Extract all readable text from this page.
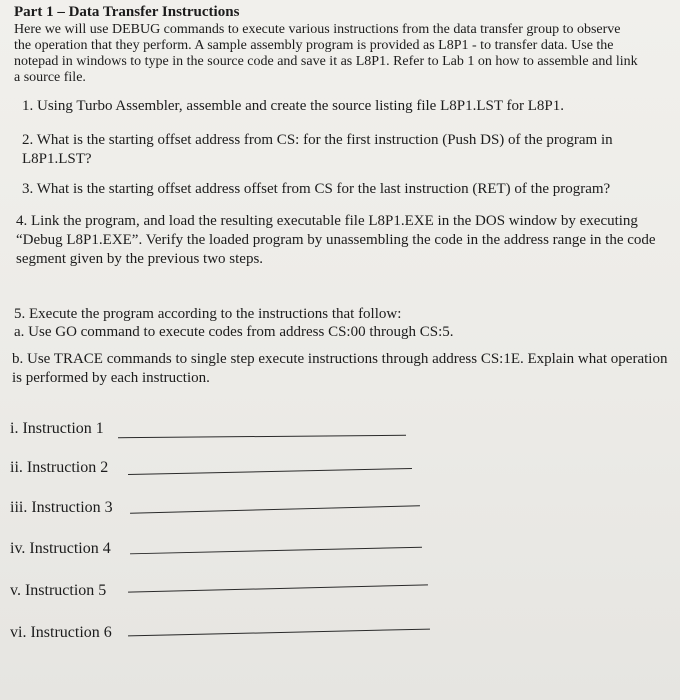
Part 1 – Data Transfer Instructions
Here we will use DEBUG commands to execute various instructions from the data transfer group to observe the operation that they perform. A sample assembly program is provided as L8P1 - to transfer data. Use the notepad in windows to type in the source code and save it as L8P1. Refer to Lab 1 on how to assemble and link a source file.
1. Using Turbo Assembler, assemble and create the source listing file L8P1.LST for L8P1.
2. What is the starting offset address from CS: for the first instruction (Push DS) of the program in L8P1.LST?
3. What is the starting offset address offset from CS for the last instruction (RET) of the program?
4. Link the program, and load the resulting executable file L8P1.EXE in the DOS window by executing “Debug L8P1.EXE”. Verify the loaded program by unassembling the code in the address range in the code segment given by the previous two steps.
5. Execute the program according to the instructions that follow:
a. Use GO command to execute codes from address CS:00 through CS:5.
b. Use TRACE commands to single step execute instructions through address CS:1E. Explain what operation is performed by each instruction.
i. Instruction 1
ii. Instruction 2
iii. Instruction 3
iv. Instruction 4
v. Instruction 5
vi. Instruction 6
